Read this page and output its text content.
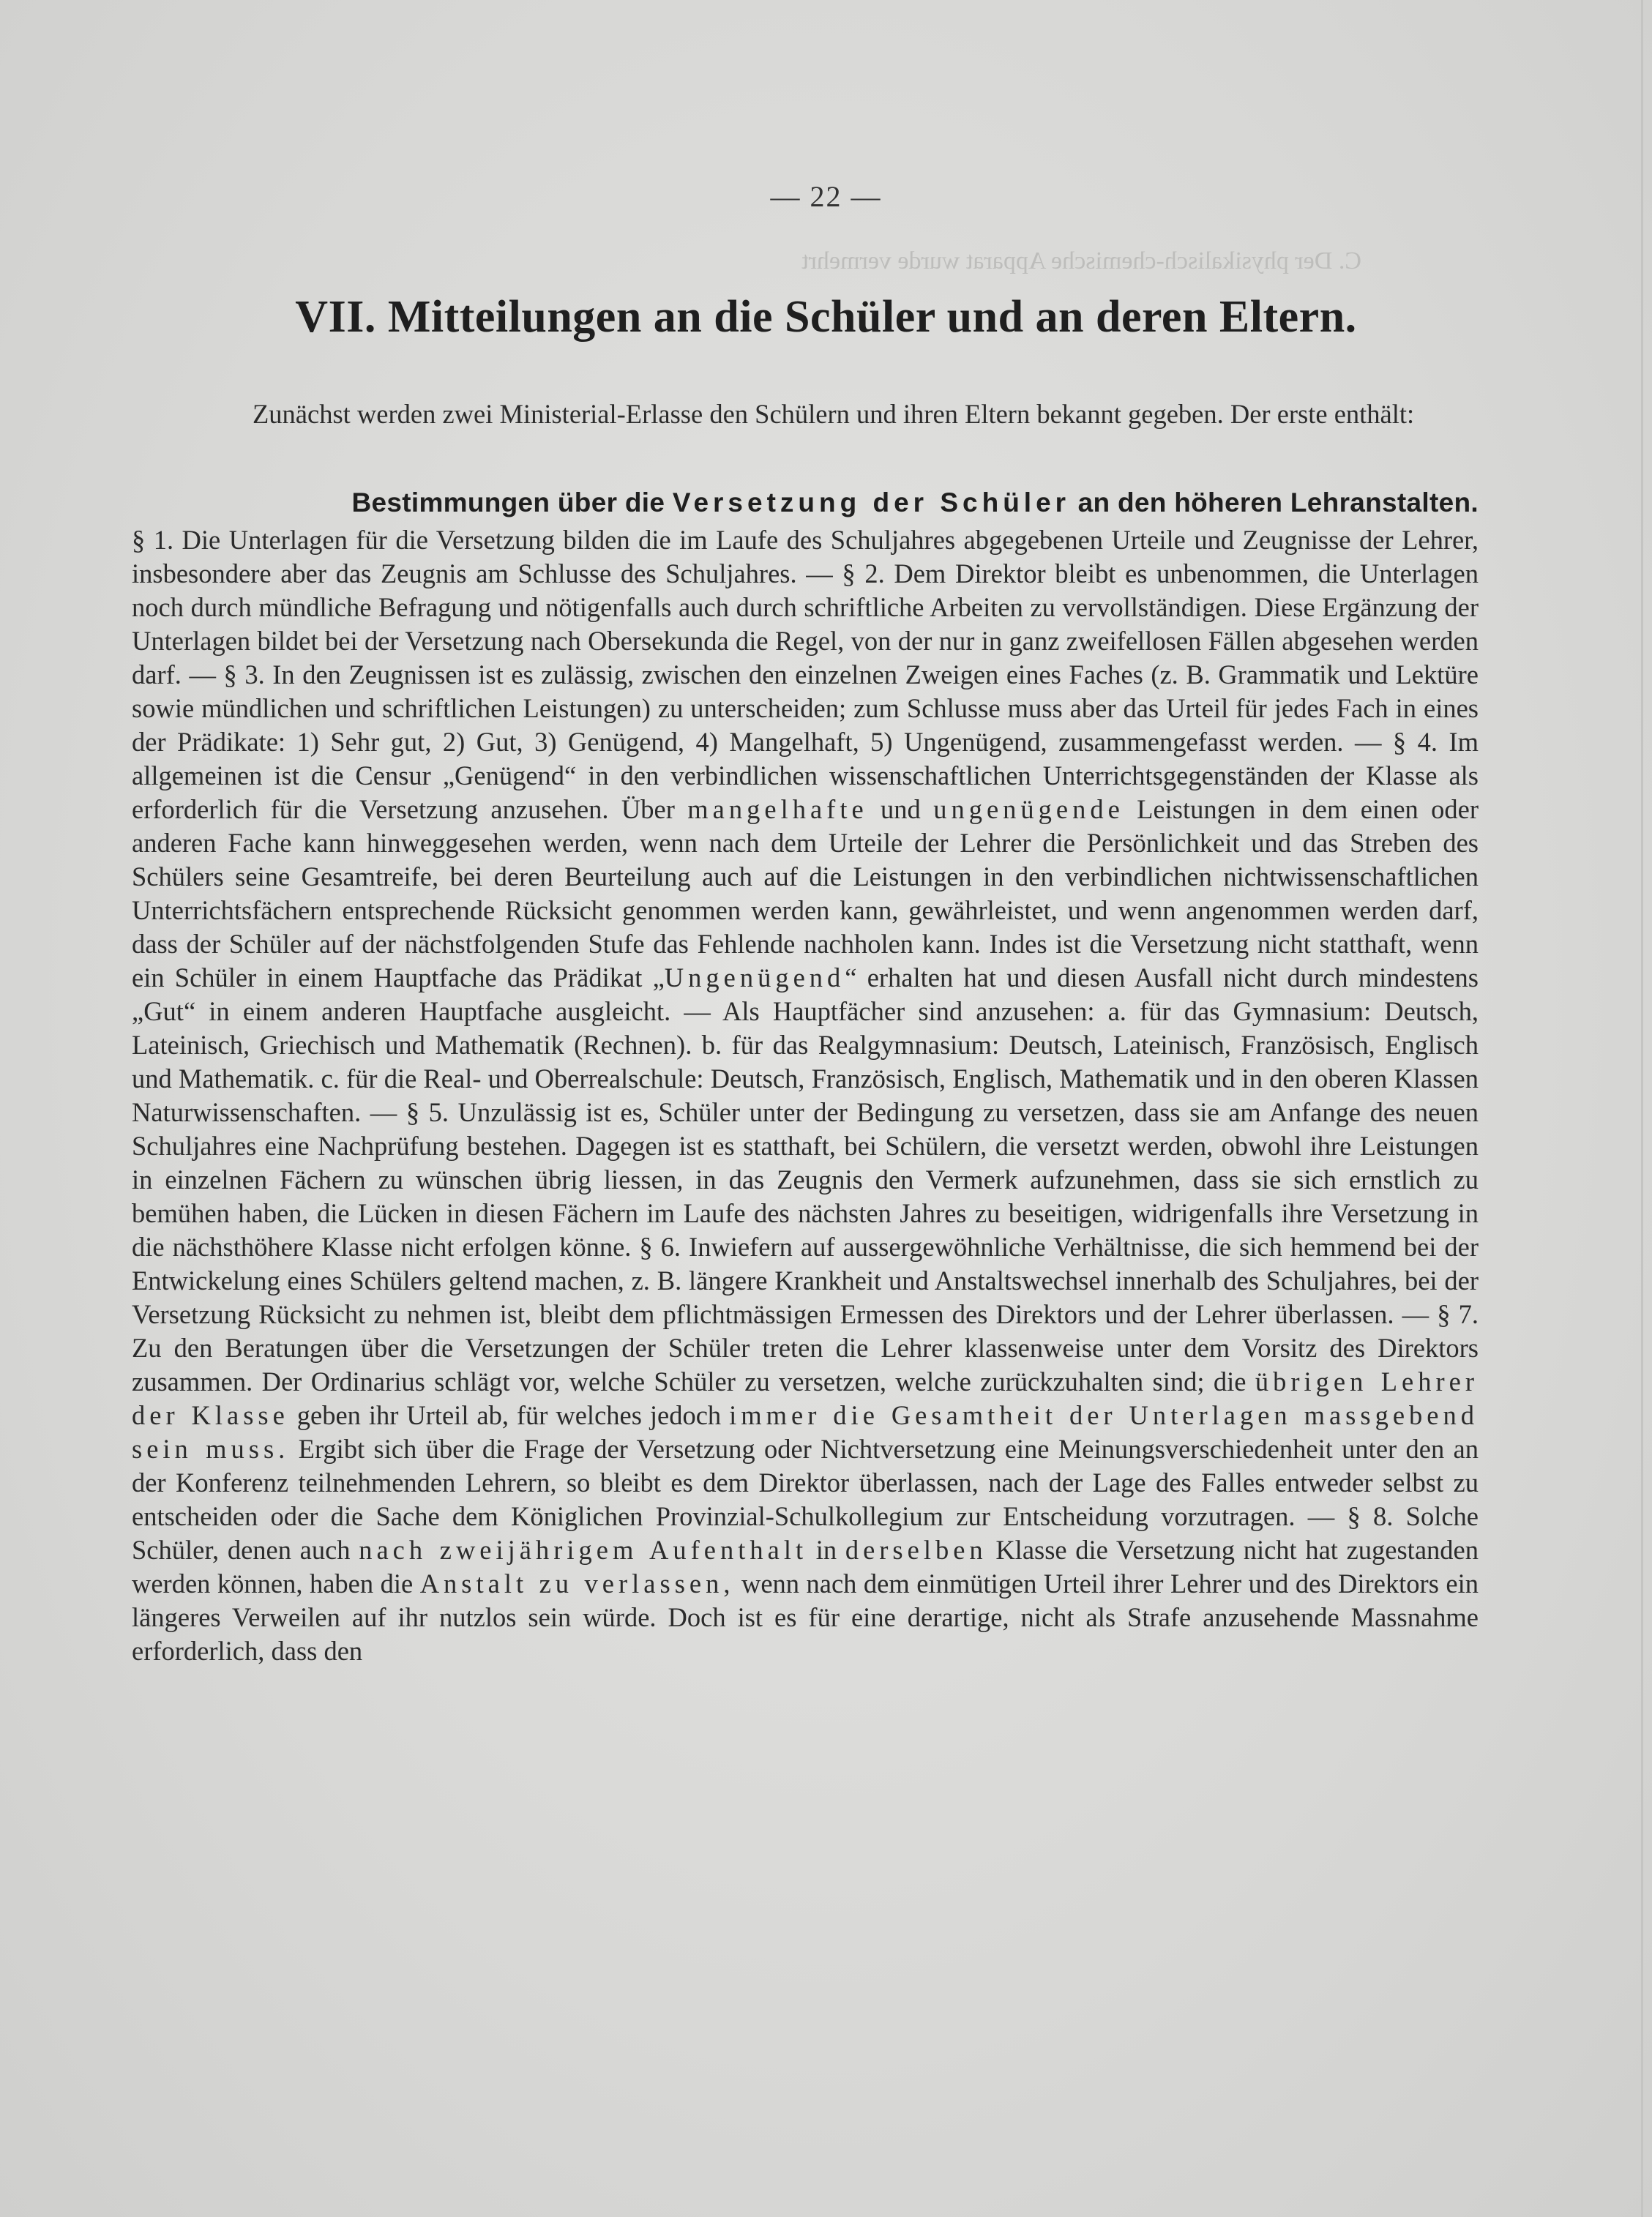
C. Der physikalisch-chemische Apparat wurde vermehrt
— 22 —
VII. Mitteilungen an die Schüler und an deren Eltern.
Zunächst werden zwei Ministerial-Erlasse den Schülern und ihren Eltern bekannt gegeben. Der erste enthält:
Bestimmungen über die Versetzung der Schüler an den höheren Lehranstalten.
§ 1. Die Unterlagen für die Versetzung bilden die im Laufe des Schuljahres abgegebenen Urteile und Zeugnisse der Lehrer, insbesondere aber das Zeugnis am Schlusse des Schuljahres. — § 2. Dem Direktor bleibt es unbenommen, die Unterlagen noch durch mündliche Befragung und nötigenfalls auch durch schriftliche Arbeiten zu vervollständigen. Diese Ergänzung der Unterlagen bildet bei der Versetzung nach Obersekunda die Regel, von der nur in ganz zweifellosen Fällen abgesehen werden darf. — § 3. In den Zeugnissen ist es zulässig, zwischen den einzelnen Zweigen eines Faches (z. B. Grammatik und Lektüre sowie mündlichen und schriftlichen Leistungen) zu unterscheiden; zum Schlusse muss aber das Urteil für jedes Fach in eines der Prädikate: 1) Sehr gut, 2) Gut, 3) Genügend, 4) Mangelhaft, 5) Ungenügend, zusammengefasst werden. — § 4. Im allgemeinen ist die Censur „Genügend“ in den verbindlichen wissenschaftlichen Unterrichtsgegenständen der Klasse als erforderlich für die Versetzung anzusehen. Über mangelhafte und ungenügende Leistungen in dem einen oder anderen Fache kann hinweggesehen werden, wenn nach dem Urteile der Lehrer die Persönlichkeit und das Streben des Schülers seine Gesamtreife, bei deren Beurteilung auch auf die Leistungen in den verbindlichen nichtwissenschaftlichen Unterrichtsfächern entsprechende Rücksicht genommen werden kann, gewährleistet, und wenn angenommen werden darf, dass der Schüler auf der nächstfolgenden Stufe das Fehlende nachholen kann. Indes ist die Versetzung nicht statthaft, wenn ein Schüler in einem Hauptfache das Prädikat „Ungenügend“ erhalten hat und diesen Ausfall nicht durch mindestens „Gut“ in einem anderen Hauptfache ausgleicht. — Als Hauptfächer sind anzusehen: a. für das Gymnasium: Deutsch, Lateinisch, Griechisch und Mathematik (Rechnen). b. für das Realgymnasium: Deutsch, Lateinisch, Französisch, Englisch und Mathematik. c. für die Real- und Oberrealschule: Deutsch, Französisch, Englisch, Mathematik und in den oberen Klassen Naturwissenschaften. — § 5. Unzulässig ist es, Schüler unter der Bedingung zu versetzen, dass sie am Anfange des neuen Schuljahres eine Nachprüfung bestehen. Dagegen ist es statthaft, bei Schülern, die versetzt werden, obwohl ihre Leistungen in einzelnen Fächern zu wünschen übrig liessen, in das Zeugnis den Vermerk aufzunehmen, dass sie sich ernstlich zu bemühen haben, die Lücken in diesen Fächern im Laufe des nächsten Jahres zu beseitigen, widrigenfalls ihre Versetzung in die nächsthöhere Klasse nicht erfolgen könne. § 6. Inwiefern auf aussergewöhnliche Verhältnisse, die sich hemmend bei der Entwickelung eines Schülers geltend machen, z. B. längere Krankheit und Anstaltswechsel innerhalb des Schuljahres, bei der Versetzung Rücksicht zu nehmen ist, bleibt dem pflichtmässigen Ermessen des Direktors und der Lehrer überlassen. — § 7. Zu den Beratungen über die Versetzungen der Schüler treten die Lehrer klassenweise unter dem Vorsitz des Direktors zusammen. Der Ordinarius schlägt vor, welche Schüler zu versetzen, welche zurückzuhalten sind; die übrigen Lehrer der Klasse geben ihr Urteil ab, für welches jedoch immer die Gesamtheit der Unterlagen massgebend sein muss. Ergibt sich über die Frage der Versetzung oder Nichtversetzung eine Meinungsverschiedenheit unter den an der Konferenz teilnehmenden Lehrern, so bleibt es dem Direktor überlassen, nach der Lage des Falles entweder selbst zu entscheiden oder die Sache dem Königlichen Provinzial-Schulkollegium zur Entscheidung vorzutragen. — § 8. Solche Schüler, denen auch nach zweijährigem Aufenthalt in derselben Klasse die Versetzung nicht hat zugestanden werden können, haben die Anstalt zu verlassen, wenn nach dem einmütigen Urteil ihrer Lehrer und des Direktors ein längeres Verweilen auf ihr nutzlos sein würde. Doch ist es für eine derartige, nicht als Strafe anzusehende Massnahme erforderlich, dass den
